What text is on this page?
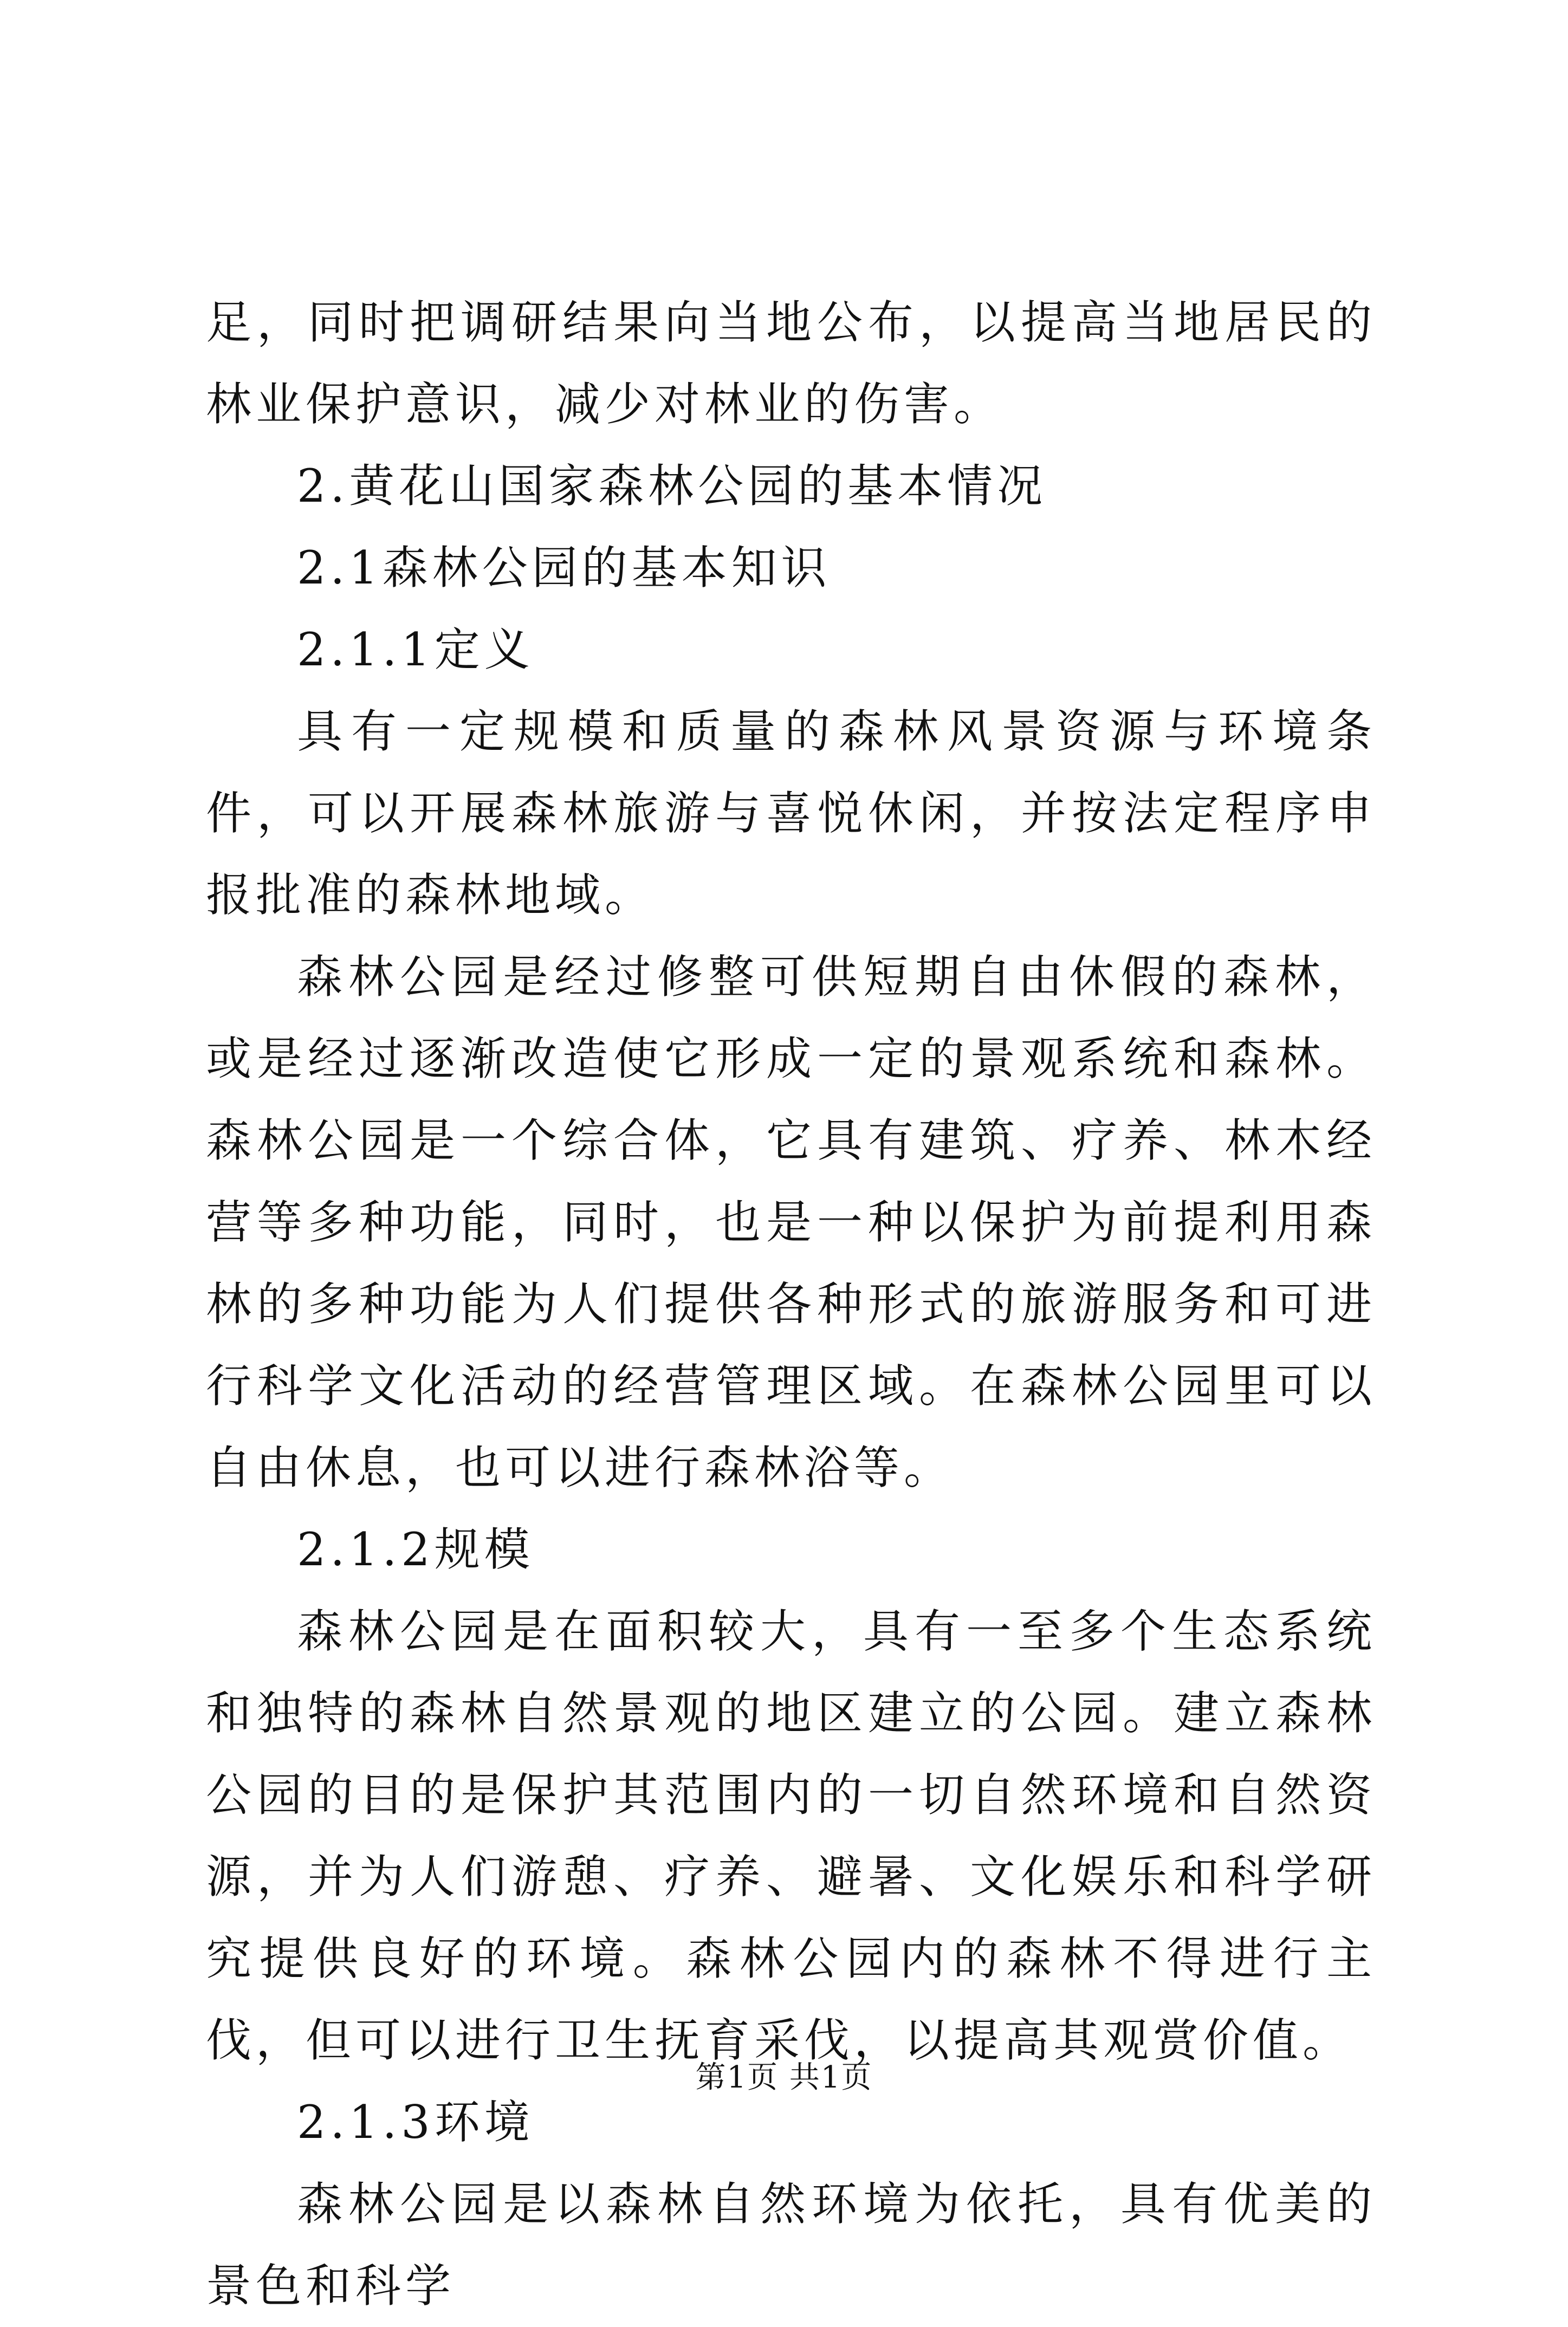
足，同时把调研结果向当地公布，以提高当地居民的林业保护意识，减少对林业的伤害。

2.黄花山国家森林公园的基本情况

2.1森林公园的基本知识

2.1.1定义

具有一定规模和质量的森林风景资源与环境条件，可以开展森林旅游与喜悦休闲，并按法定程序申报批准的森林地域。

森林公园是经过修整可供短期自由休假的森林，或是经过逐渐改造使它形成一定的景观系统和森林。森林公园是一个综合体，它具有建筑、疗养、林木经营等多种功能，同时，也是一种以保护为前提利用森林的多种功能为人们提供各种形式的旅游服务和可进行科学文化活动的经营管理区域。在森林公园里可以自由休息，也可以进行森林浴等。

2.1.2规模

森林公园是在面积较大，具有一至多个生态系统和独特的森林自然景观的地区建立的公园。建立森林公园的目的是保护其范围内的一切自然环境和自然资源，并为人们游憩、疗养、避暑、文化娱乐和科学研究提供良好的环境。森林公园内的森林不得进行主伐，但可以进行卫生抚育采伐，以提高其观赏价值。

2.1.3环境

森林公园是以森林自然环境为依托，具有优美的景色和科学

第1页 共1页
